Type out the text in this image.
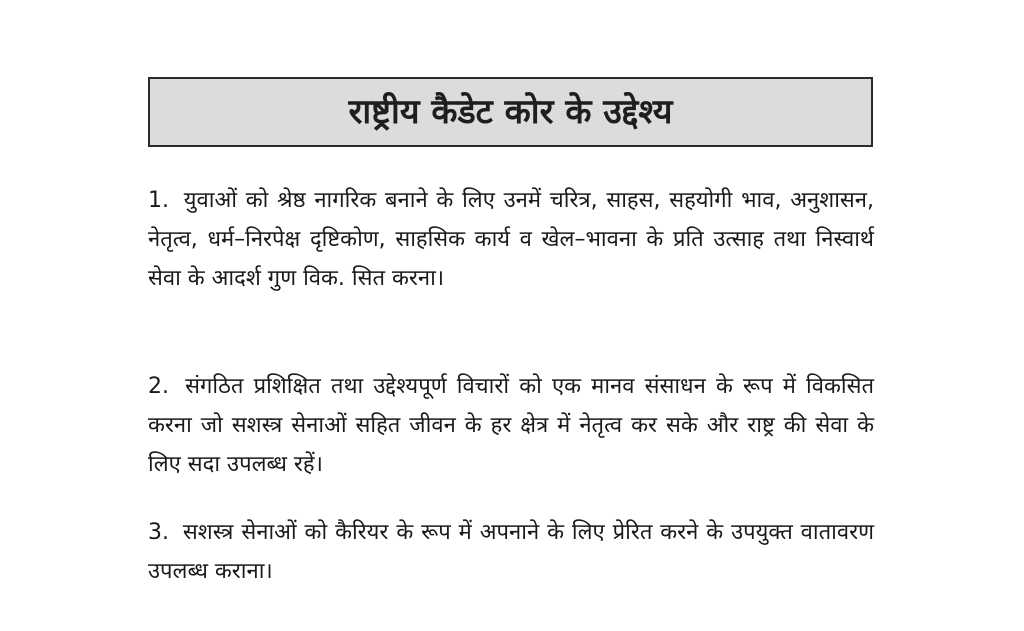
राष्ट्रीय कैडेट कोर के उद्देश्य

1. युवाओं को श्रेष्ठ नागरिक बनाने के लिए उनमें चरित्र, साहस, सहयोगी भाव, अनुशासन, नेतृत्व, धर्म–निरपेक्ष दृष्टिकोण, साहसिक कार्य व खेल–भावना के प्रति उत्साह तथा निस्वार्थ सेवा के आदर्श गुण विक. सित करना।

2. संगठित प्रशिक्षित तथा उद्देश्यपूर्ण विचारों को एक मानव संसाधन के रूप में विकसित करना जो सशस्त्र सेनाओं सहित जीवन के हर क्षेत्र में नेतृत्व कर सके और राष्ट्र की सेवा के लिए सदा उपलब्ध रहें।

3. सशस्त्र सेनाओं को कैरियर के रूप में अपनाने के लिए प्रेरित करने के उपयुक्त वातावरण उपलब्ध कराना।
